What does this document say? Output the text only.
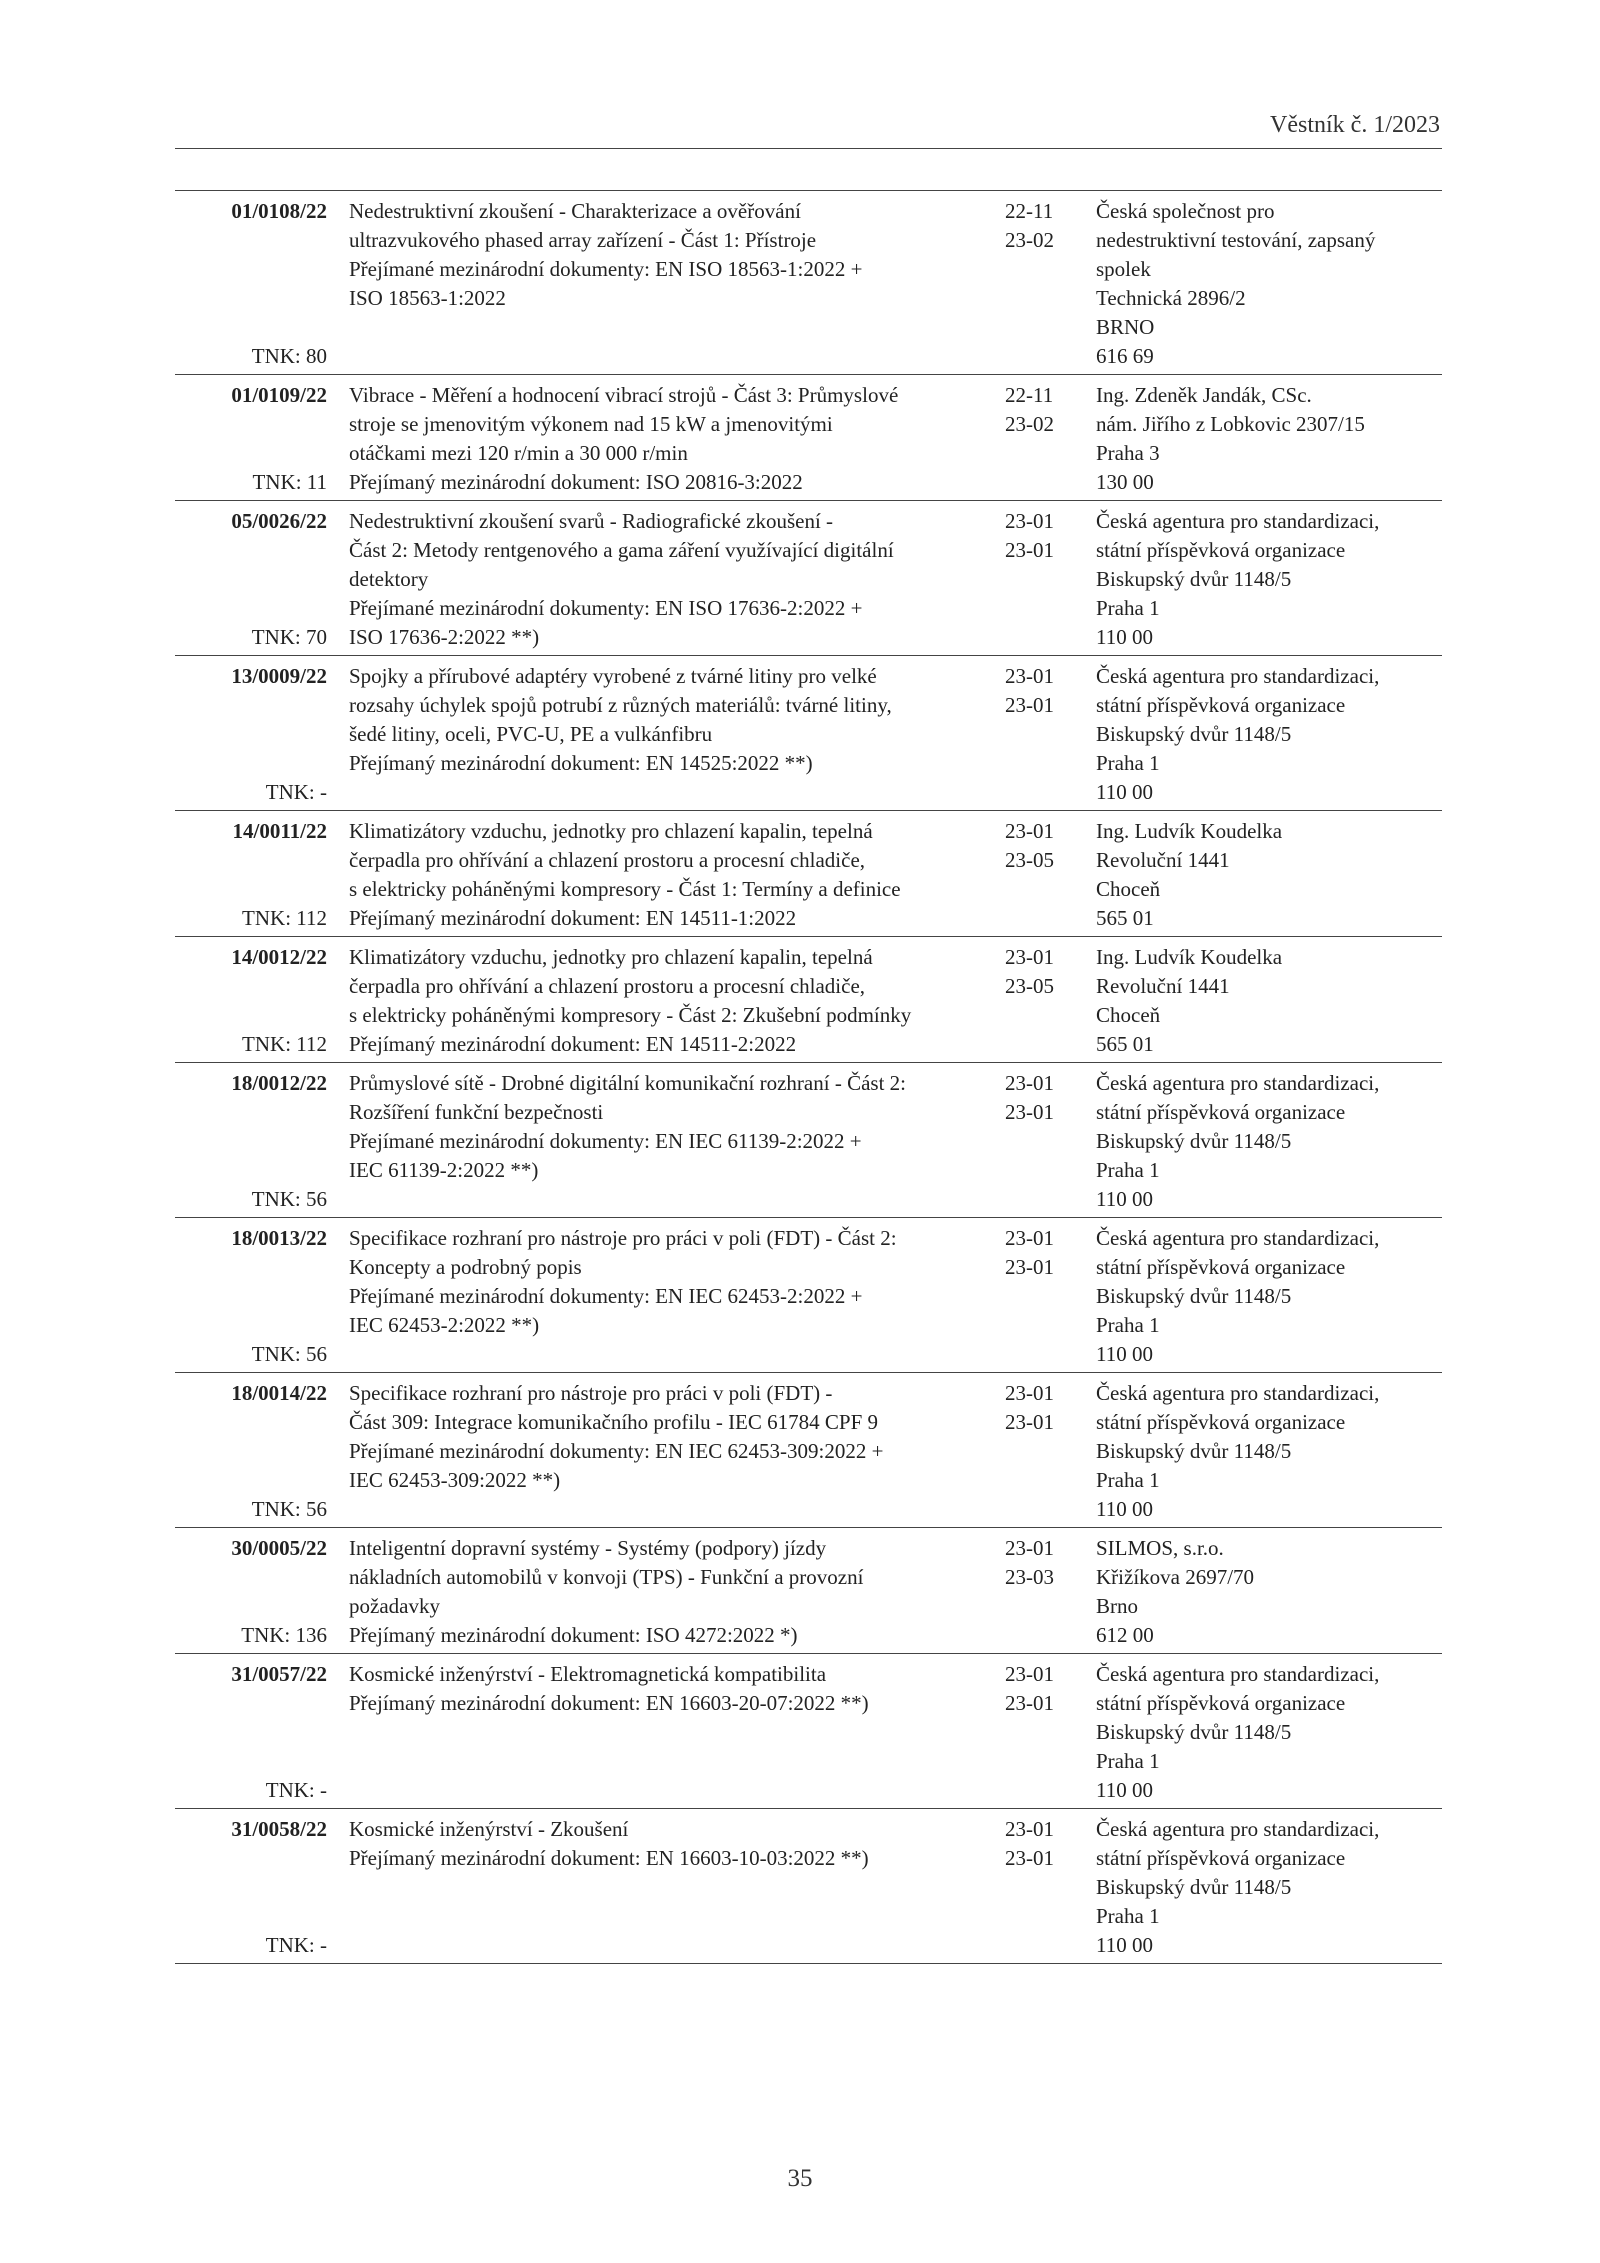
Věstník č. 1/2023
01/0108/22
TNK: 80
Nedestruktivní zkoušení - Charakterizace a ověřování
ultrazvukového phased array zařízení - Část 1: Přístroje
Přejímané mezinárodní dokumenty: EN ISO 18563-1:2022 +
ISO 18563-1:2022
22-11
23-02
Česká společnost pro
nedestruktivní testování, zapsaný
spolek
Technická 2896/2
BRNO
616 69
01/0109/22
TNK: 11
Vibrace - Měření a hodnocení vibrací strojů - Část 3: Průmyslové
stroje se jmenovitým výkonem nad 15 kW a jmenovitými
otáčkami mezi 120 r/min a 30 000 r/min
Přejímaný mezinárodní dokument: ISO 20816-3:2022
22-11
23-02
Ing. Zdeněk Jandák, CSc.
nám. Jiřího z Lobkovic 2307/15
Praha 3
130 00
05/0026/22
TNK: 70
Nedestruktivní zkoušení svarů - Radiografické zkoušení -
Část 2: Metody rentgenového a gama záření využívající digitální
detektory
Přejímané mezinárodní dokumenty: EN ISO 17636-2:2022 +
ISO 17636-2:2022 **)
23-01
23-01
Česká agentura pro standardizaci,
státní příspěvková organizace
Biskupský dvůr 1148/5
Praha 1
110 00
13/0009/22
TNK: -
Spojky a přírubové adaptéry vyrobené z tvárné litiny pro velké
rozsahy úchylek spojů potrubí z různých materiálů: tvárné litiny,
šedé litiny, oceli, PVC-U, PE a vulkánfibru
Přejímaný mezinárodní dokument: EN 14525:2022 **)
23-01
23-01
Česká agentura pro standardizaci,
státní příspěvková organizace
Biskupský dvůr 1148/5
Praha 1
110 00
14/0011/22
TNK: 112
Klimatizátory vzduchu, jednotky pro chlazení kapalin, tepelná
čerpadla pro ohřívání a chlazení prostoru a procesní chladiče,
s elektricky poháněnými kompresory - Část 1: Termíny a definice
Přejímaný mezinárodní dokument: EN 14511-1:2022
23-01
23-05
Ing. Ludvík Koudelka
Revoluční 1441
Choceň
565 01
14/0012/22
TNK: 112
Klimatizátory vzduchu, jednotky pro chlazení kapalin, tepelná
čerpadla pro ohřívání a chlazení prostoru a procesní chladiče,
s elektricky poháněnými kompresory - Část 2: Zkušební podmínky
Přejímaný mezinárodní dokument: EN 14511-2:2022
23-01
23-05
Ing. Ludvík Koudelka
Revoluční 1441
Choceň
565 01
18/0012/22
TNK: 56
Průmyslové sítě - Drobné digitální komunikační rozhraní - Část 2:
Rozšíření funkční bezpečnosti
Přejímané mezinárodní dokumenty: EN IEC 61139-2:2022 +
IEC 61139-2:2022 **)
23-01
23-01
Česká agentura pro standardizaci,
státní příspěvková organizace
Biskupský dvůr 1148/5
Praha 1
110 00
18/0013/22
TNK: 56
Specifikace rozhraní pro nástroje pro práci v poli (FDT) - Část 2:
Koncepty a podrobný popis
Přejímané mezinárodní dokumenty: EN IEC 62453-2:2022 +
IEC 62453-2:2022 **)
23-01
23-01
Česká agentura pro standardizaci,
státní příspěvková organizace
Biskupský dvůr 1148/5
Praha 1
110 00
18/0014/22
TNK: 56
Specifikace rozhraní pro nástroje pro práci v poli (FDT) -
Část 309: Integrace komunikačního profilu - IEC 61784 CPF 9
Přejímané mezinárodní dokumenty: EN IEC 62453-309:2022 +
IEC 62453-309:2022 **)
23-01
23-01
Česká agentura pro standardizaci,
státní příspěvková organizace
Biskupský dvůr 1148/5
Praha 1
110 00
30/0005/22
TNK: 136
Inteligentní dopravní systémy - Systémy (podpory) jízdy
nákladních automobilů v konvoji (TPS) - Funkční a provozní
požadavky
Přejímaný mezinárodní dokument: ISO 4272:2022 *)
23-01
23-03
SILMOS, s.r.o.
Křižíkova 2697/70
Brno
612 00
31/0057/22
TNK: -
Kosmické inženýrství - Elektromagnetická kompatibilita
Přejímaný mezinárodní dokument: EN 16603-20-07:2022 **)
23-01
23-01
Česká agentura pro standardizaci,
státní příspěvková organizace
Biskupský dvůr 1148/5
Praha 1
110 00
31/0058/22
TNK: -
Kosmické inženýrství - Zkoušení
Přejímaný mezinárodní dokument: EN 16603-10-03:2022 **)
23-01
23-01
Česká agentura pro standardizaci,
státní příspěvková organizace
Biskupský dvůr 1148/5
Praha 1
110 00
35
